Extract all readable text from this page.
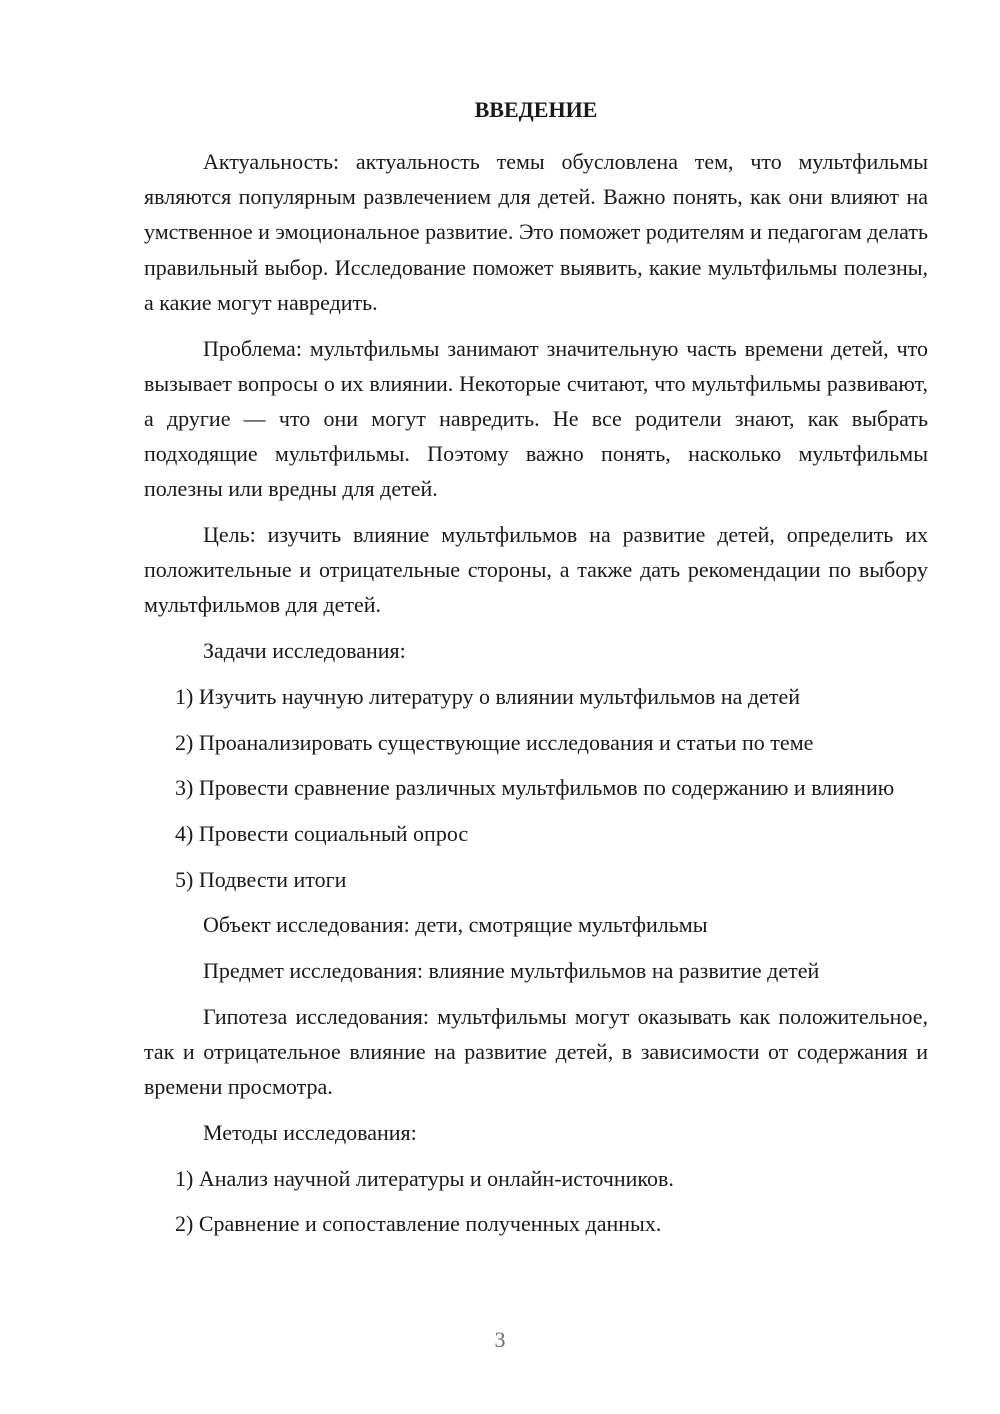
ВВЕДЕНИЕ

Актуальность: актуальность темы обусловлена тем, что мультфильмы являются популярным развлечением для детей. Важно понять, как они влияют на умственное и эмоциональное развитие. Это поможет родителям и педагогам делать правильный выбор. Исследование поможет выявить, какие мультфильмы полезны, а какие могут навредить.

Проблема: мультфильмы занимают значительную часть времени детей, что вызывает вопросы о их влиянии. Некоторые считают, что мультфильмы развивают, а другие — что они могут навредить. Не все родители знают, как выбрать подходящие мультфильмы. Поэтому важно понять, насколько мультфильмы полезны или вредны для детей.

Цель: изучить влияние мультфильмов на развитие детей, определить их положительные и отрицательные стороны, а также дать рекомендации по выбору мультфильмов для детей.

Задачи исследования:

1) Изучить научную литературу о влиянии мультфильмов на детей

2) Проанализировать существующие исследования и статьи по теме

3) Провести сравнение различных мультфильмов по содержанию и влиянию

4) Провести социальный опрос

5) Подвести итоги

Объект исследования: дети, смотрящие мультфильмы

Предмет исследования: влияние мультфильмов на развитие детей

Гипотеза исследования: мультфильмы могут оказывать как положительное, так и отрицательное влияние на развитие детей, в зависимости от содержания и времени просмотра.

Методы исследования:

1) Анализ научной литературы и онлайн-источников.

2) Сравнение и сопоставление полученных данных.

3
